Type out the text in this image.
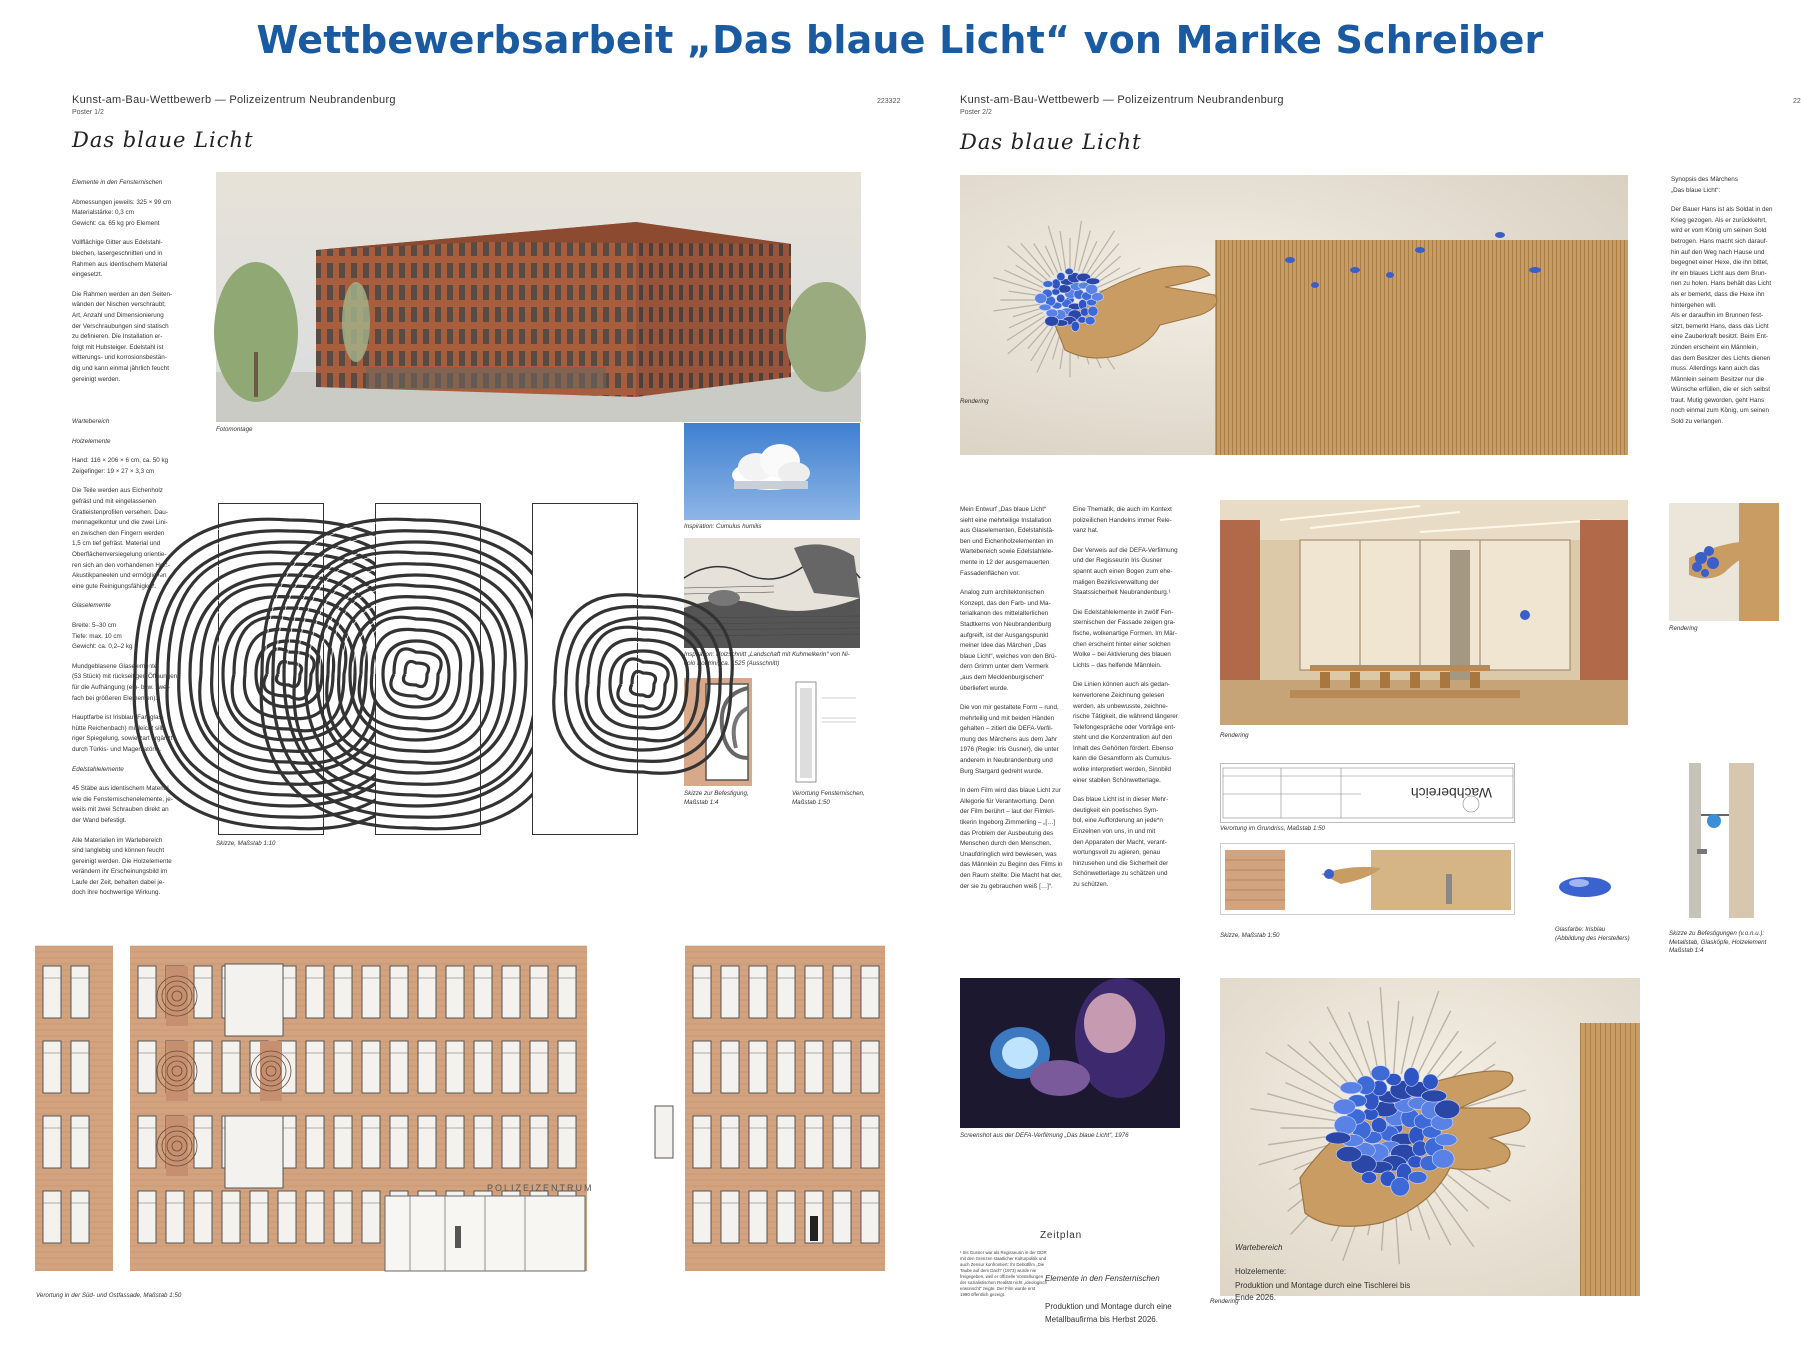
Wettbewerbsarbeit „Das blaue Licht“ von Marike Schreiber
Kunst-am-Bau-Wettbewerb — Polizeizentrum Neubrandenburg	223322
Poster 1/2
Das blaue Licht

Elemente in den Fensternischen

Abmessungen jeweils: 325 × 99 cm
Materialstärke: 0,3 cm
Gewicht: ca. 65 kg pro Element

Vollflächige Gitter aus Edelstahl-
blechen, lasergeschnitten und in
Rahmen aus identischem Material
eingesetzt.

Die Rahmen werden an den Seiten-
wänden der Nischen verschraubt;
Art, Anzahl und Dimensionierung
der Verschraubungen sind statisch
zu definieren. Die Installation er-
folgt mit Hubsteiger. Edelstahl ist
witterungs- und korrosionsbestän-
dig und kann einmal jährlich feucht
gereinigt werden.

Wartebereich

Holzelemente

Hand: 116 × 206 × 6 cm, ca. 50 kg
Zeigefinger: 19 × 27 × 3,3 cm

Die Teile werden aus Eichenholz
gefräst und mit eingelassenen
Gratleistenprofilen versehen. Dau-
mennagelkontur und die zwei Lini-
en zwischen den Fingern werden
1,5 cm tief gefräst. Material und
Oberflächenversiegelung orientie-
ren sich an den vorhandenen Holz-
Akustikpaneelen und ermöglichen
eine gute Reinigungsfähigkeit.

Glaselemente

Breite: 5–30 cm
Tiefe: max. 10 cm
Gewicht: ca. 0,2–2 kg

Mundgeblasene Glaselemente
(53 Stück) mit rückseitigen Öffnungen
für die Aufhängung (ein- bzw. zwei-
fach bei größeren Elementen).

Hauptfarbe ist Irisblau (Farbglas-
hütte Reichenbach) mit leicht silb-
riger Spiegelung, sowie zart ergänzt
durch Türkis- und Magentatöne.

Edelstahlelemente

45 Stäbe aus identischem Material
wie die Fensternischenelemente, je-
weils mit zwei Schrauben direkt an
der Wand befestigt.

Alle Materialien im Wartebereich
sind langlebig und können feucht
gereinigt werden. Die Holzelemente
verändern ihr Erscheinungsbild im
Laufe der Zeit, behalten dabei je-
doch ihre hochwertige Wirkung.

Fotomontage
Skizze, Maßstab 1:10
Inspiration: Cumulus humilis
Inspiration: Holzschnitt „Landschaft mit Kuhmelkerin“ von Ni-
colò Boldrini, ca. 1525 (Ausschnitt)
Skizze zur Befestigung,
Maßstab 1:4
Verortung Fensternischen,
Maßstab 1:50
POLIZEIZENTRUM
Verortung in der Süd- und Ostfassade, Maßstab 1:50
Kunst-am-Bau-Wettbewerb — Polizeizentrum Neubrandenburg	22
Poster 2/2
Das blaue Licht
Rendering

Synopsis des Märchens
„Das blaue Licht“:

Der Bauer Hans ist als Soldat in den
Krieg gezogen. Als er zurückkehrt,
wird er vom König um seinen Sold
betrogen. Hans macht sich darauf-
hin auf den Weg nach Hause und
begegnet einer Hexe, die ihn bittet,
ihr ein blaues Licht aus dem Brun-
nen zu holen. Hans behält das Licht
als er bemerkt, dass die Hexe ihn
hintergehen will.
Als er daraufhin im Brunnen fest-
sitzt, bemerkt Hans, dass das Licht
eine Zauberkraft besitzt. Beim Ent-
zünden erscheint ein Männlein,
das dem Besitzer des Lichts dienen
muss. Allerdings kann auch das
Männlein seinem Besitzer nur die
Wünsche erfüllen, die er sich selbst
traut. Mutig geworden, geht Hans
noch einmal zum König, um seinen
Sold zu verlangen.

Mein Entwurf „Das blaue Licht“
sieht eine mehrteilige Installation
aus Glaselementen, Edelstahlstä-
ben und Eichenholzelementen im
Wartebereich sowie Edelstahlele-
mente in 12 der ausgemauerten
Fassadenflächen vor.

Analog zum architektonischen
Konzept, das den Farb- und Ma-
terialkanon des mittelalterlichen
Stadtkerns von Neubrandenburg
aufgreift, ist der Ausgangspunkt
meiner Idee das Märchen „Das
blaue Licht“, welches von den Brü-
dern Grimm unter dem Vermerk
„aus dem Mecklenburgischen“
überliefert wurde.

Die von mir gestaltete Form – rund,
mehrteilig und mit beiden Händen
gehalten – zitiert die DEFA-Verfil-
mung des Märchens aus dem Jahr
1976 (Regie: Iris Gusner), die unter
anderem in Neubrandenburg und
Burg Stargard gedreht wurde.

In dem Film wird das blaue Licht zur
Allegorie für Verantwortung. Denn
der Film berührt – laut der Filmkri-
tikerin Ingeborg Zimmerling – „[…]
das Problem der Ausbeutung des
Menschen durch den Menschen.
Unaufdringlich wird bewiesen, was
das Männlein zu Beginn des Films in
den Raum stellte: Die Macht hat der,
der sie zu gebrauchen weiß […]“.

Eine Thematik, die auch im Kontext
polizeilichen Handelns immer Rele-
vanz hat.

Der Verweis auf die DEFA-Verfilmung
und der Regisseurin Iris Gusner
spannt auch einen Bogen zum ehe-
maligen Bezirksverwaltung der
Staatssicherheit Neubrandenburg.¹

Die Edelstahlelemente in zwölf Fen-
sternischen der Fassade zeigen gra-
fische, wolkenartige Formen. Im Mär-
chen erscheint hinter einer solchen
Wolke – bei Aktivierung des blauen
Lichts – das helfende Männlein.

Die Linien können auch als gedan-
kenverlorene Zeichnung gelesen
werden, als unbewusste, zeichne-
rische Tätigkeit, die während längerer
Telefongespräche oder Vorträge ent-
steht und die Konzentration auf den
Inhalt des Gehörten fördert. Ebenso
kann die Gesamtform als Cumulus-
wolke interpretiert werden, Sinnbild
einer stabilen Schönwetterlage.

Das blaue Licht ist in dieser Mehr-
deutigkeit ein poetisches Sym-
bol, eine Aufforderung an jede*n
Einzelnen von uns, in und mit
den Apparaten der Macht, verant-
wortungsvoll zu agieren, genau
hinzusehen und die Sicherheit der
Schönwetterlage zu schätzen und
zu schützen.

Rendering
Rendering
Wachbereich
Verortung im Grundriss, Maßstab 1:50
Skizze, Maßstab 1:50
Glasfarbe: Irisblau
(Abbildung des Herstellers)
Skizze zu Befestigungen (v.o.n.u.):
Metallstab, Glasköpfe, Holzelement
Maßstab 1:4
Screenshot aus der DEFA-Verfilmung „Das blaue Licht“, 1976
Zeitplan
¹ Iris Gusner war als Regisseurin in der DDR
mit den Grenzen staatlicher Kulturpolitik und
auch Zensur konfrontiert: Ihr Debütfilm „Die
Taube auf dem Dach“ (1973) wurde nie
freigegeben, weil er offizielle Vorstellungen
der sozialistischen Realität nicht „ideologisch
erwünscht“ zeigte. Der Film wurde erst
1990 öffentlich gezeigt.
Elemente in den Fensternischen
Produktion und Montage durch eine
Metallbaufirma bis Herbst 2026.
Wartebereich
Holzelemente:
Produktion und Montage durch eine Tischlerei bis
Ende 2026.
Rendering
